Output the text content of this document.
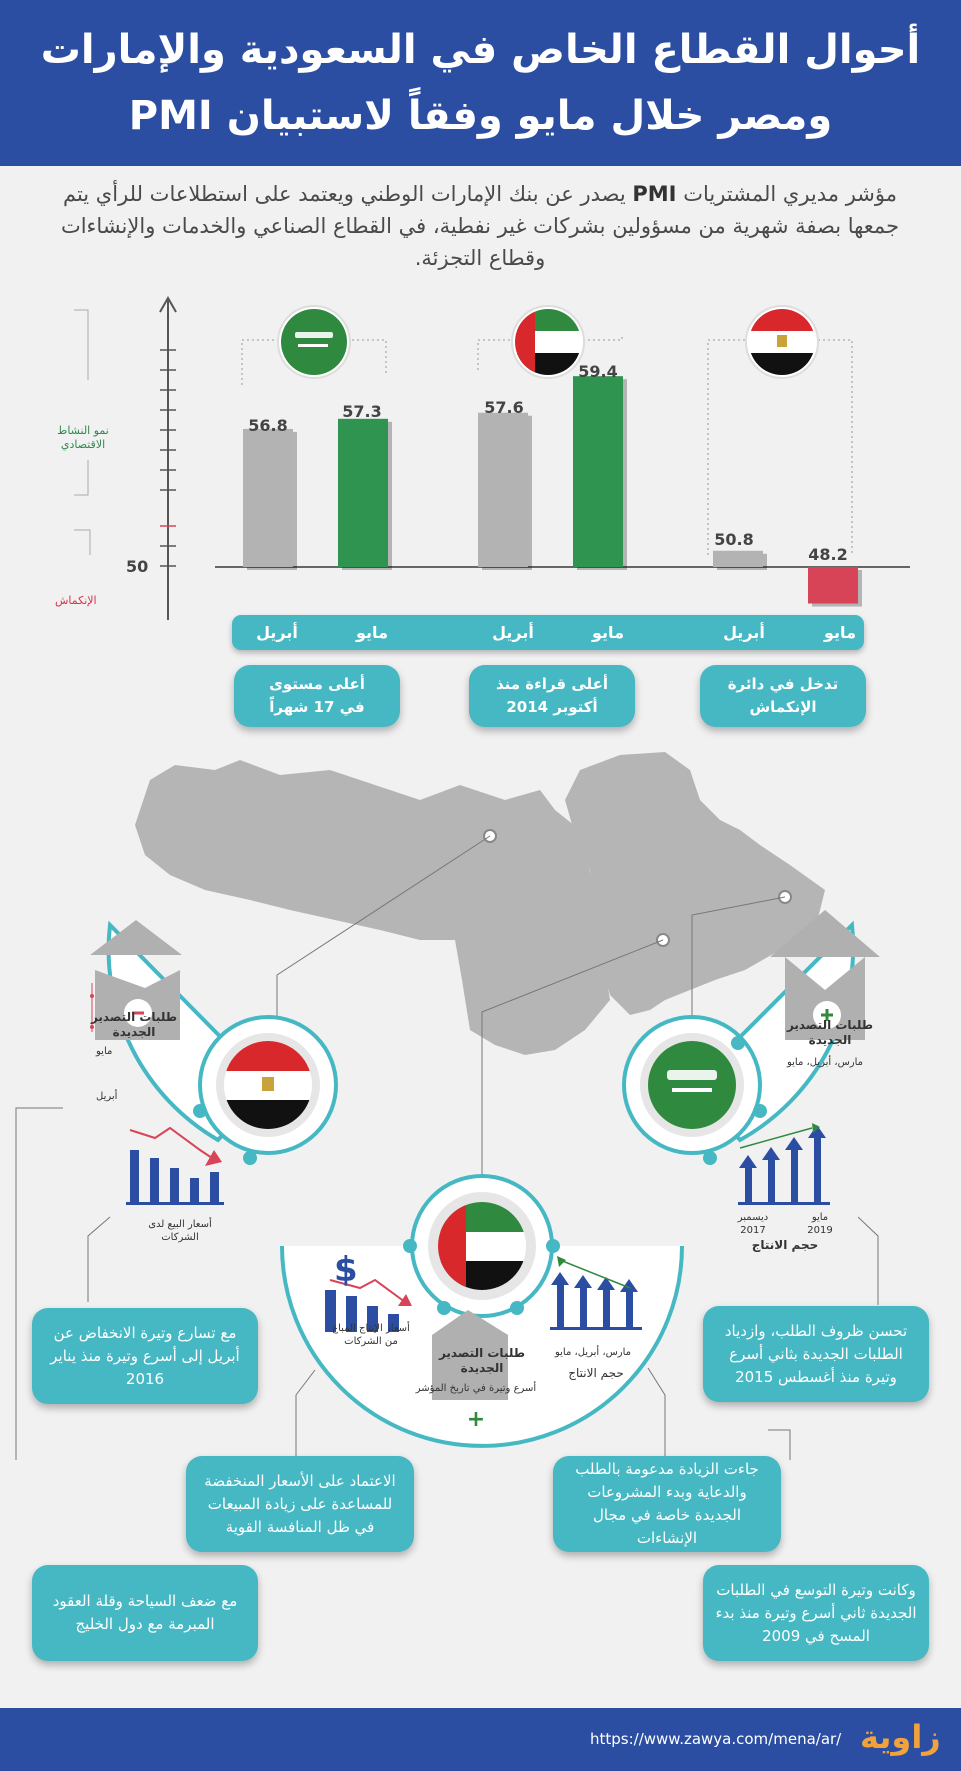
أحوال القطاع الخاص في السعودية والإمارات
ومصر خلال مايو وفقاً لاستبيان PMI
مؤشر مديري المشتريات PMI يصدر عن بنك الإمارات الوطني ويعتمد على استطلاعات للرأي يتم جمعها بصفة شهرية من مسؤولين بشركات غير نفطية، في القطاع الصناعي والخدمات والإنشاءات وقطاع التجزئة.
نمو النشاط الاقتصادي
الإنكماش
50
56.8
57.3	57.6
59.4
50.8
48.2
أبريل	مايو	أبريل	مايو	أبريل	مايو
أعلى مستوى
في 17 شهراً
أعلى قراءة منذ
أكتوبر 2014
تدخل في دائرة
الإنكماش
طلبات التصدير الجديدة
مايو
أبريل
أسعار البيع لدى الشركات
$
أسعار الإنتاج المباع من الشركات
طلبات التصدير الجديدة
أسرع وتيرة في تاريخ المؤشر
+
مارس، أبريل، مايو
حجم الانتاج
طلبات التصدير الجديدة
مارس، أبريل، مايو
ديسمبر
2017
مايو
2019
حجم الانتاج
مع تسارع وتيرة الانخفاض عن أبريل إلى أسرع وتيرة منذ يناير 2016
مع ضعف السياحة وقلة العقود المبرمة مع دول الخليج
الاعتماد على الأسعار المنخفضة للمساعدة على زيادة المبيعات في ظل المنافسة القوية
جاءت الزيادة مدعومة بالطلب والدعاية وبدء المشروعات الجديدة خاصة في مجال الإنشاءات
تحسن ظروف الطلب، وازدياد الطلبات الجديدة بثاني أسرع وتيرة منذ أغسطس 2015
وكانت وتيرة التوسع في الطلبات الجديدة ثاني أسرع وتيرة منذ بدء المسح في 2009
https://www.zawya.com/mena/ar/ زاوية
